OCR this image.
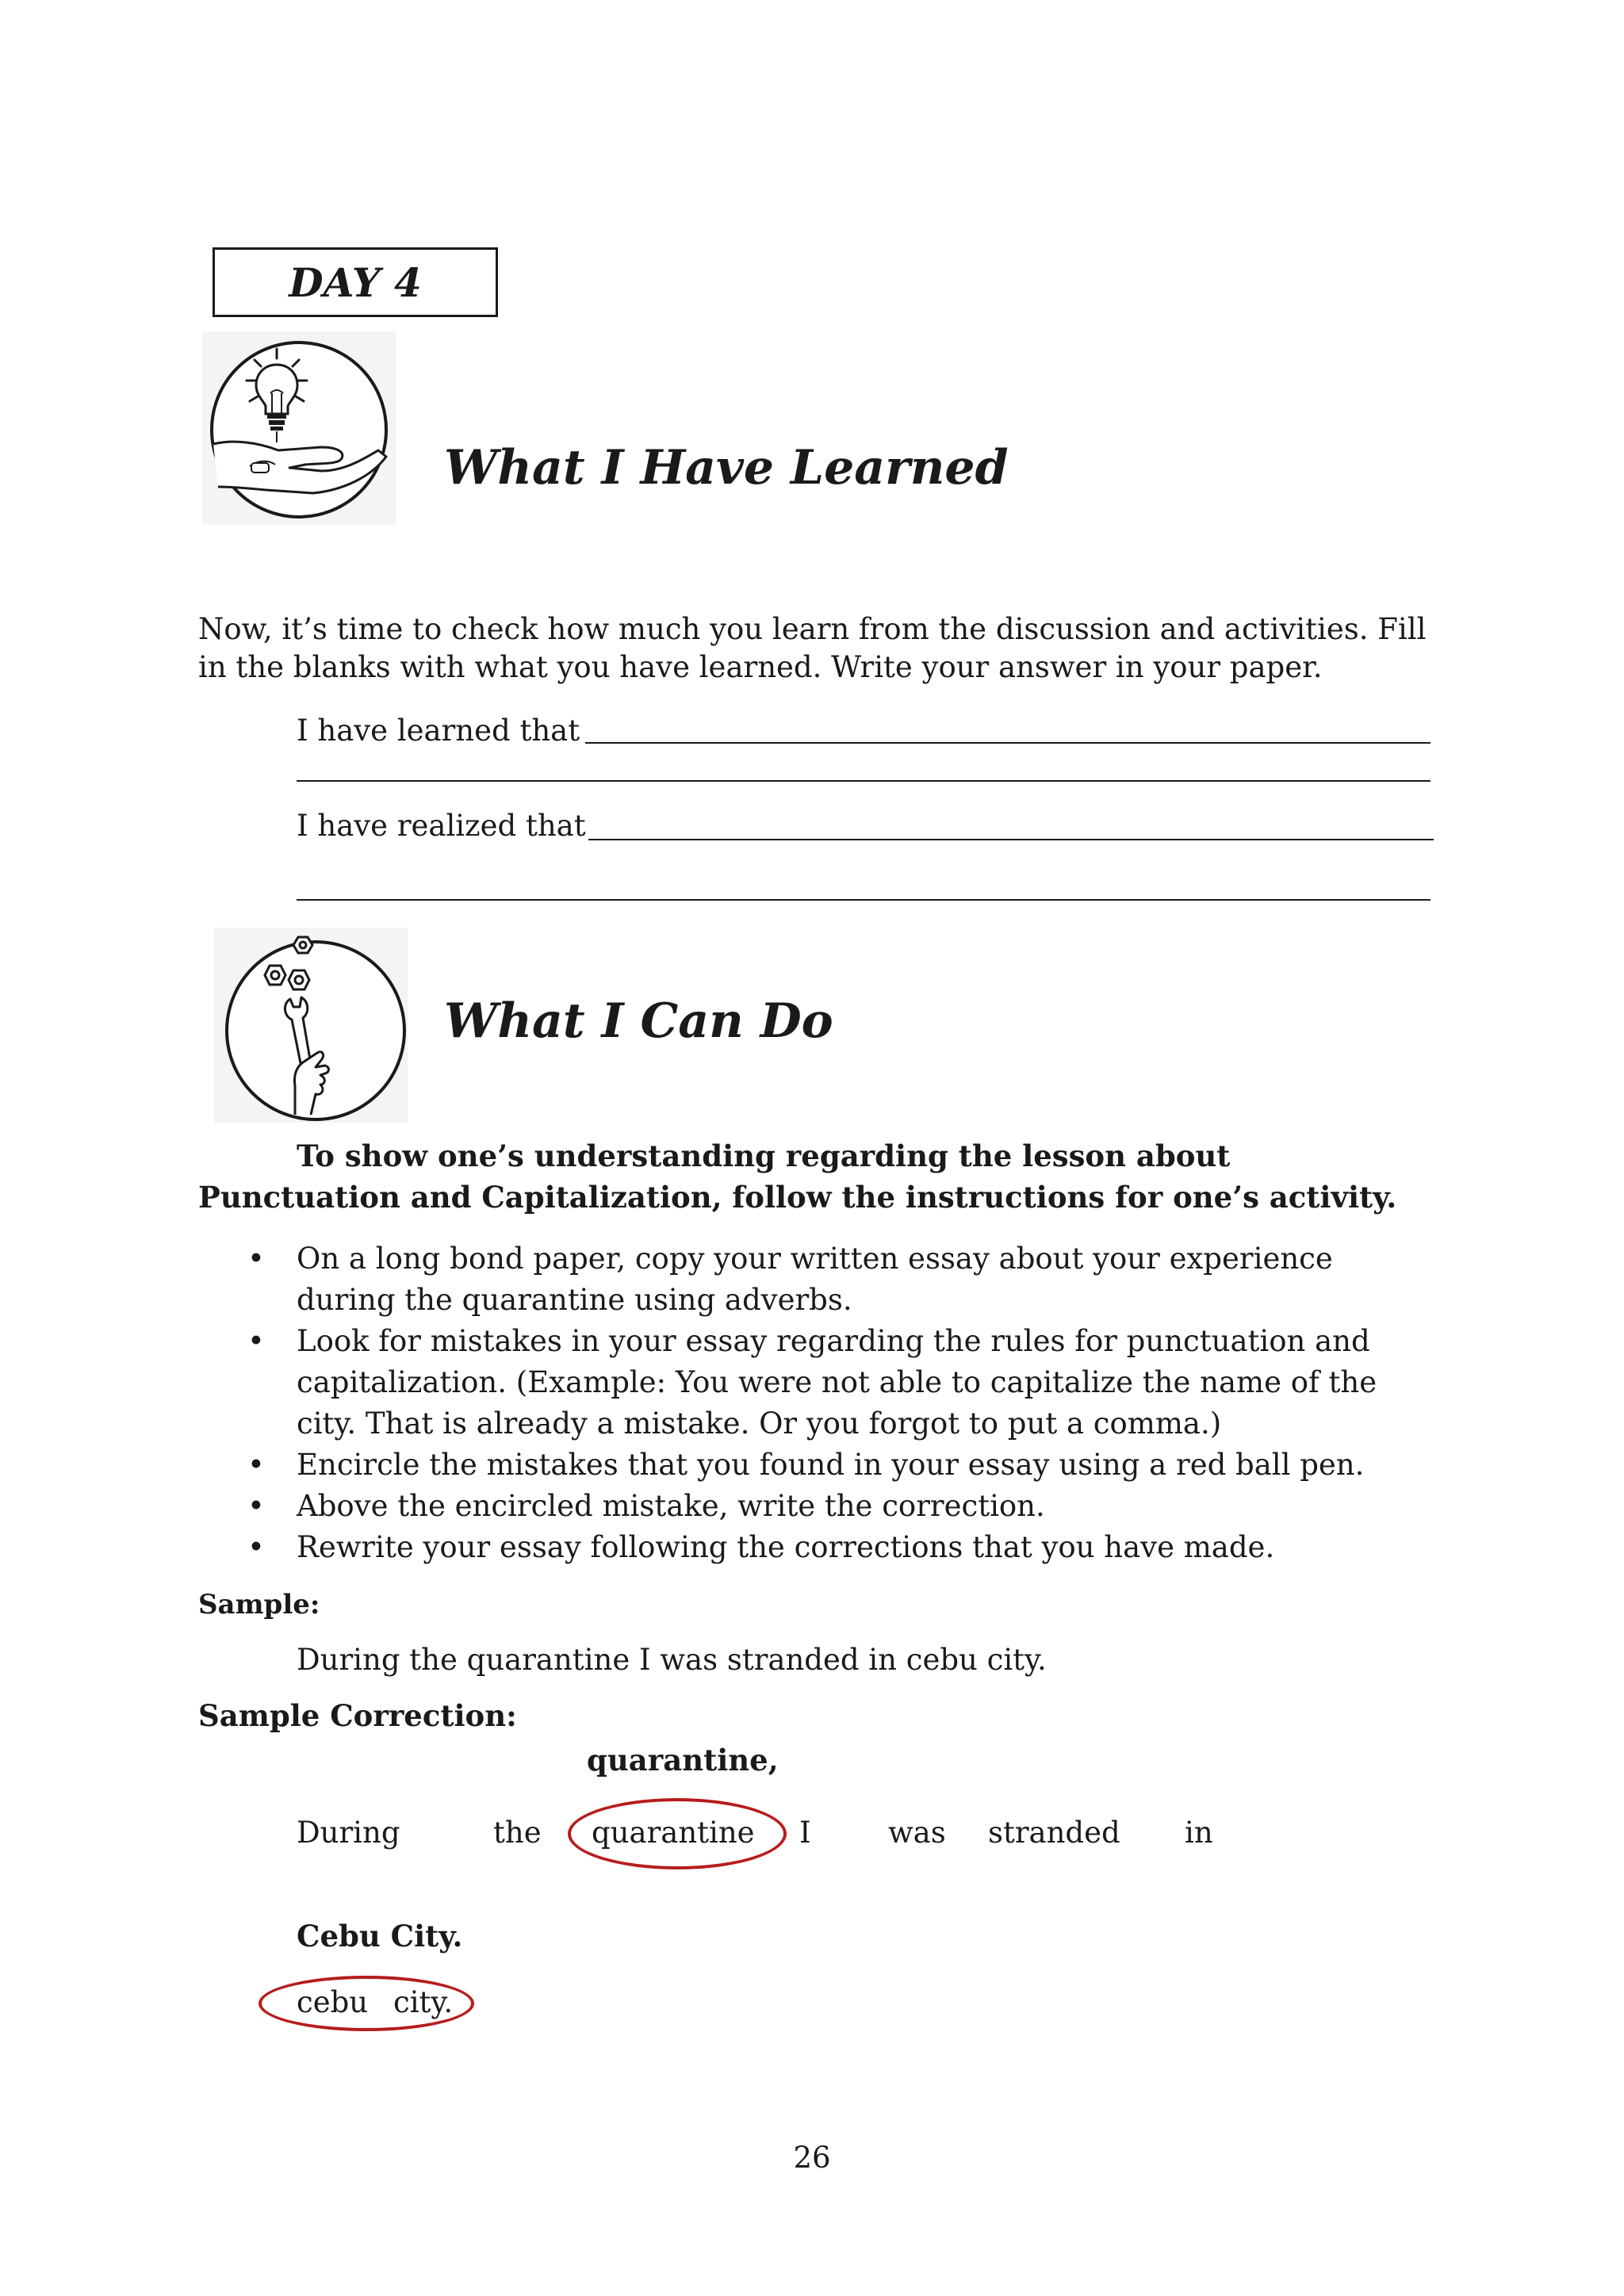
DAY 4
What I Have Learned
Now, it’s time to check how much you learn from the discussion and activities. Fill in the blanks with what you have learned. Write your answer in your paper.
I have learned that
I have realized that
What I Can Do
To show one’s understanding regarding the lesson about Punctuation and Capitalization, follow the instructions for one’s activity.
• On a long bond paper, copy your written essay about your experience during the quarantine using adverbs.
• Look for mistakes in your essay regarding the rules for punctuation and capitalization. (Example: You were not able to capitalize the name of the city. That is already a mistake. Or you forgot to put a comma.)
• Encircle the mistakes that you found in your essay using a red ball pen.
• Above the encircled mistake, write the correction.
• Rewrite your essay following the corrections that you have made.
Sample:
During the quarantine I was stranded in cebu city.
Sample Correction:
quarantine,
During	the quarantine I	was stranded in
Cebu City.
cebu city.
26
